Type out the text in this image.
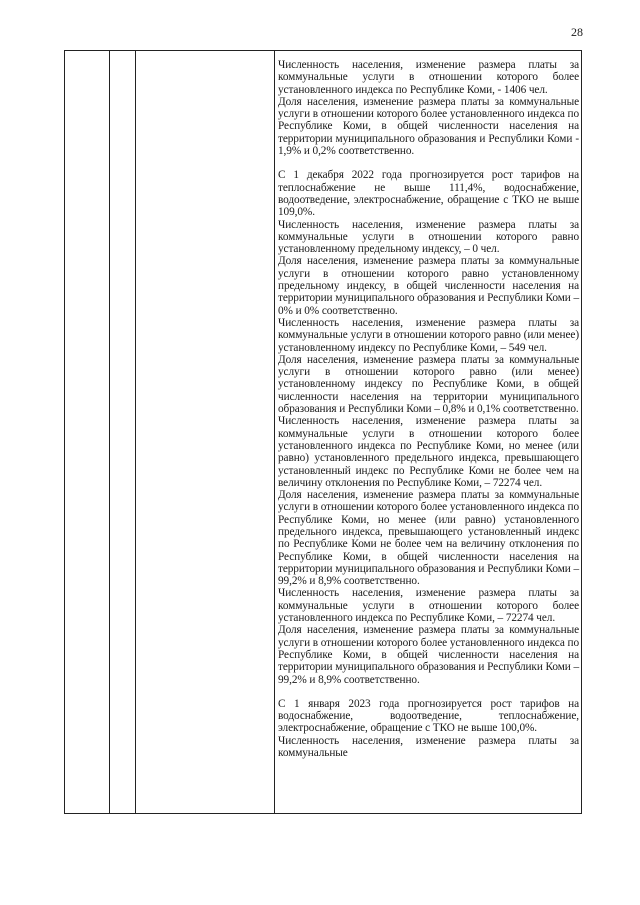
28

Численность населения, изменение размера платы за коммунальные услуги в отношении которого более установленного индекса по Республике Коми, - 1406 чел.

Доля населения, изменение размера платы за коммунальные услуги в отношении которого более установленного индекса по Республике Коми, в общей численности населения на территории муниципального образования и Республики Коми - 1,9% и 0,2% соответственно.

С 1 декабря 2022 года прогнозируется рост тарифов на теплоснабжение не выше 111,4%, водоснабжение, водоотведение, электроснабжение, обращение с ТКО не выше 109,0%.

Численность населения, изменение размера платы за коммунальные услуги в отношении которого равно установленному предельному индексу, – 0 чел.

Доля населения, изменение размера платы за коммунальные услуги в отношении которого равно установленному предельному индексу, в общей численности населения на территории муниципального образования и Республики Коми – 0% и 0% соответственно.

Численность населения, изменение размера платы за коммунальные услуги в отношении которого равно (или менее) установленному индексу по Республике Коми, – 549 чел.

Доля населения, изменение размера платы за коммунальные услуги в отношении которого равно (или менее) установленному индексу по Республике Коми, в общей численности населения на территории муниципального образования и Республики Коми – 0,8% и 0,1% соответственно.

Численность населения, изменение размера платы за коммунальные услуги в отношении которого более установленного индекса по Республике Коми, но менее (или равно) установленного предельного индекса, превышающего установленный индекс по Республике Коми не более чем на величину отклонения по Республике Коми, – 72274 чел.

Доля населения, изменение размера платы за коммунальные услуги в отношении которого более установленного индекса по Республике Коми, но менее (или равно) установленного предельного индекса, превышающего установленный индекс по Республике Коми не более чем на величину отклонения по Республике Коми, в общей численности населения на территории муниципального образования и Республики Коми – 99,2% и 8,9% соответственно.

Численность населения, изменение размера платы за коммунальные услуги в отношении которого более установленного индекса по Республике Коми, – 72274 чел.

Доля населения, изменение размера платы за коммунальные услуги в отношении которого более установленного индекса по Республике Коми, в общей численности населения на территории муниципального образования и Республики Коми – 99,2% и 8,9% соответственно.

С 1 января 2023 года прогнозируется рост тарифов на водоснабжение, водоотведение, теплоснабжение, электроснабжение, обращение с ТКО не выше 100,0%.

Численность населения, изменение размера платы за коммунальные
